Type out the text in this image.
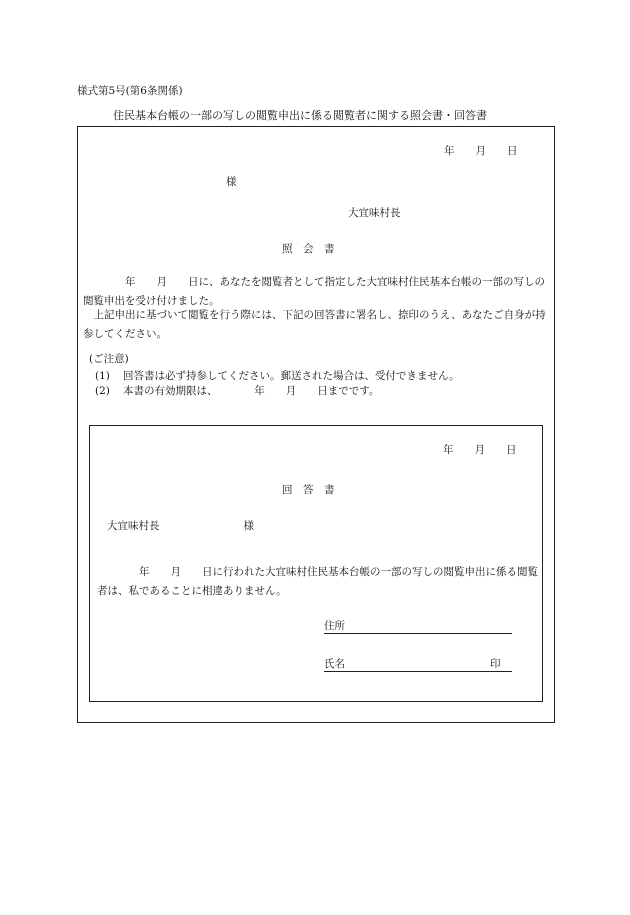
様式第5号(第6条関係)
住民基本台帳の一部の写しの閲覧申出に係る閲覧者に関する照会書・回答書
年　　月　　日
様
大宜味村長
照　会　書
　　　　年　　月　　日に、あなたを閲覧者として指定した大宜味村住民基本台帳の一部の写しの閲覧申出を受け付けました。
　上記申出に基づいて閲覧を行う際には、下記の回答書に署名し、捺印のうえ、あなたご自身が持参してください。
(ご注意)
(1) 回答書は必ず持参してください。郵送された場合は、受付できません。
(2) 本書の有効期限は、　　　　年　　月　　日までです。
年　　月　　日
回　答　書
大宜味村長　　　　　　　　様
　　　　年　　月　　日に行われた大宜味村住民基本台帳の一部の写しの閲覧申出に係る閲覧者は、私であることに相違ありません。
住所
氏名	印
